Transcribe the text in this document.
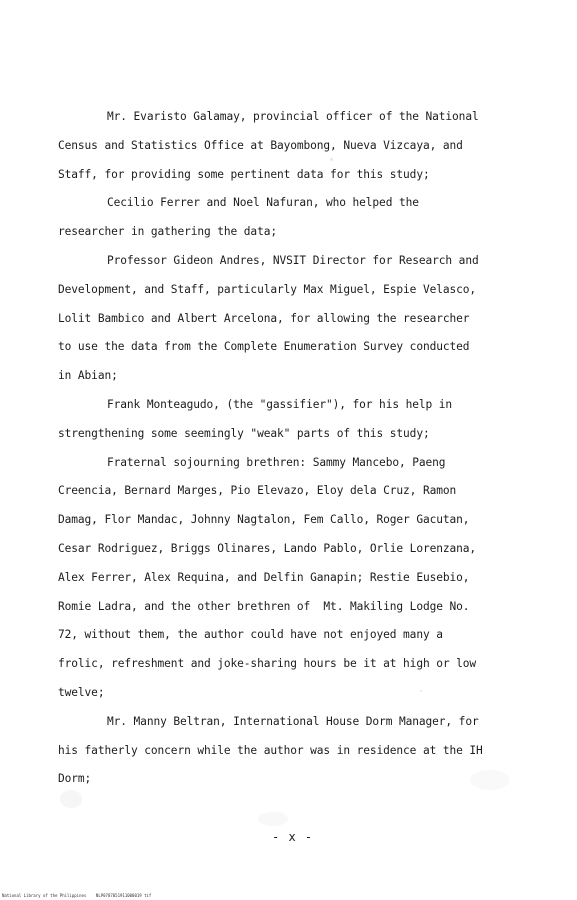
Mr. Evaristo Galamay, provincial officer of the National
Census and Statistics Office at Bayombong, Nueva Vizcaya, and
Staff, for providing some pertinent data for this study;

Cecilio Ferrer and Noel Nafuran, who helped the
researcher in gathering the data;

Professor Gideon Andres, NVSIT Director for Research and
Development, and Staff, particularly Max Miguel, Espie Velasco,
Lolit Bambico and Albert Arcelona, for allowing the researcher
to use the data from the Complete Enumeration Survey conducted
in Abian;

Frank Monteagudo, (the "gassifier"), for his help in
strengthening some seemingly "weak" parts of this study;

Fraternal sojourning brethren: Sammy Mancebo, Paeng
Creencia, Bernard Marges, Pio Elevazo, Eloy dela Cruz, Ramon
Damag, Flor Mandac, Johnny Nagtalon, Fem Callo, Roger Gacutan,
Cesar Rodriguez, Briggs Olinares, Lando Pablo, Orlie Lorenzana,
Alex Ferrer, Alex Requina, and Delfin Ganapin; Restie Eusebio,
Romie Ladra, and the other brethren of  Mt. Makiling Lodge No.
72, without them, the author could have not enjoyed many a
frolic, refreshment and joke-sharing hours be it at high or low
twelve;

Mr. Manny Beltran, International House Dorm Manager, for
his fatherly concern while the author was in residence at the IH
Dorm;

- x -
National Library of the Philippines    NLP0787051911000019 tif
